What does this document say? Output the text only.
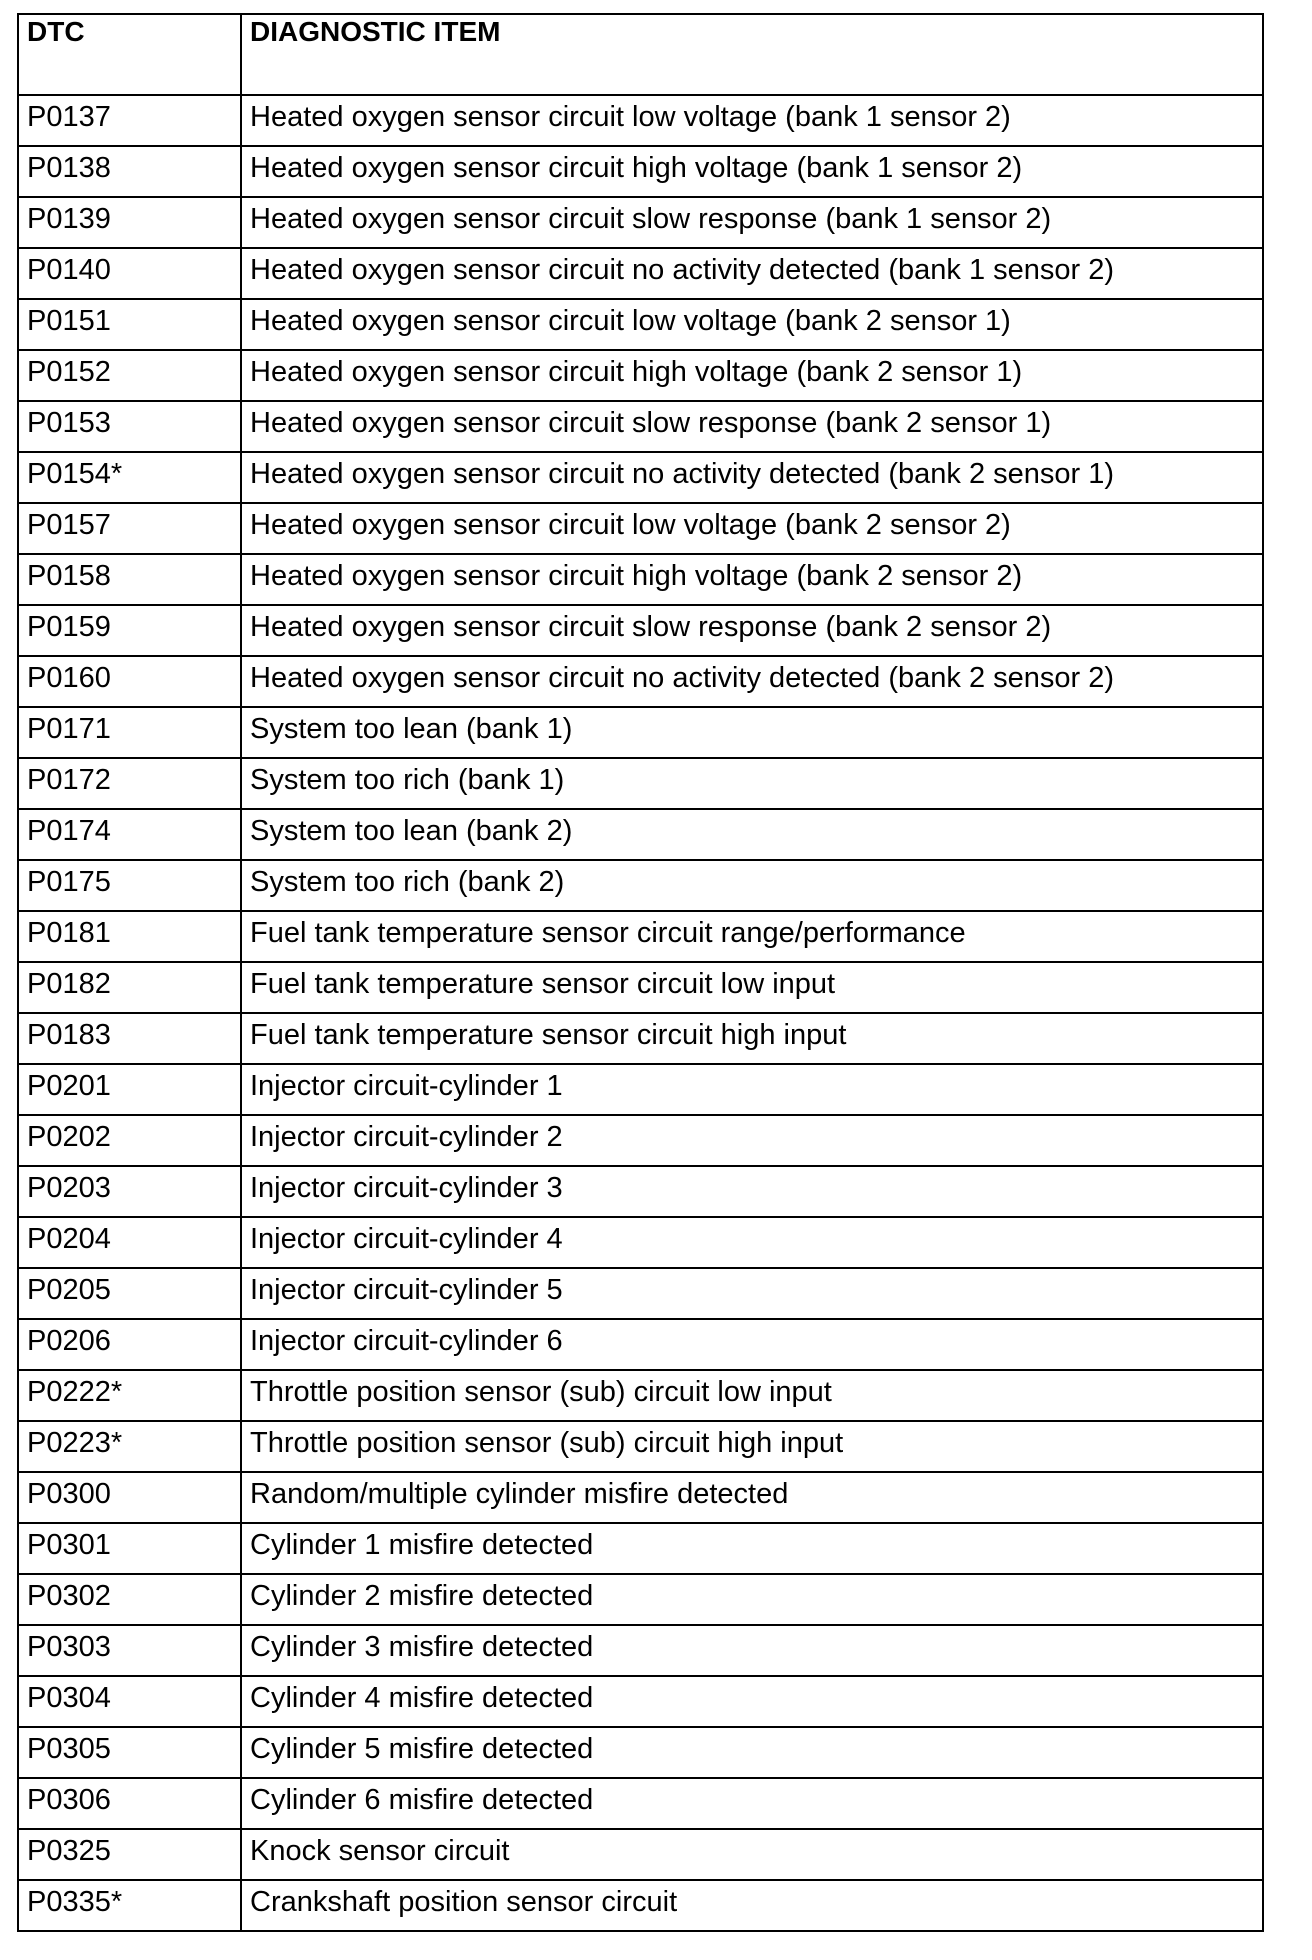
DTC	DIAGNOSTIC ITEM
P0137	Heated oxygen sensor circuit low voltage (bank 1 sensor 2)
P0138	Heated oxygen sensor circuit high voltage (bank 1 sensor 2)
P0139	Heated oxygen sensor circuit slow response (bank 1 sensor 2)
P0140	Heated oxygen sensor circuit no activity detected (bank 1 sensor 2)
P0151	Heated oxygen sensor circuit low voltage (bank 2 sensor 1)
P0152	Heated oxygen sensor circuit high voltage (bank 2 sensor 1)
P0153	Heated oxygen sensor circuit slow response (bank 2 sensor 1)
P0154*	Heated oxygen sensor circuit no activity detected (bank 2 sensor 1)
P0157	Heated oxygen sensor circuit low voltage (bank 2 sensor 2)
P0158	Heated oxygen sensor circuit high voltage (bank 2 sensor 2)
P0159	Heated oxygen sensor circuit slow response (bank 2 sensor 2)
P0160	Heated oxygen sensor circuit no activity detected (bank 2 sensor 2)
P0171	System too lean (bank 1)
P0172	System too rich (bank 1)
P0174	System too lean (bank 2)
P0175	System too rich (bank 2)
P0181	Fuel tank temperature sensor circuit range/performance
P0182	Fuel tank temperature sensor circuit low input
P0183	Fuel tank temperature sensor circuit high input
P0201	Injector circuit-cylinder 1
P0202	Injector circuit-cylinder 2
P0203	Injector circuit-cylinder 3
P0204	Injector circuit-cylinder 4
P0205	Injector circuit-cylinder 5
P0206	Injector circuit-cylinder 6
P0222*	Throttle position sensor (sub) circuit low input
P0223*	Throttle position sensor (sub) circuit high input
P0300	Random/multiple cylinder misfire detected
P0301	Cylinder 1 misfire detected
P0302	Cylinder 2 misfire detected
P0303	Cylinder 3 misfire detected
P0304	Cylinder 4 misfire detected
P0305	Cylinder 5 misfire detected
P0306	Cylinder 6 misfire detected
P0325	Knock sensor circuit
P0335*	Crankshaft position sensor circuit
